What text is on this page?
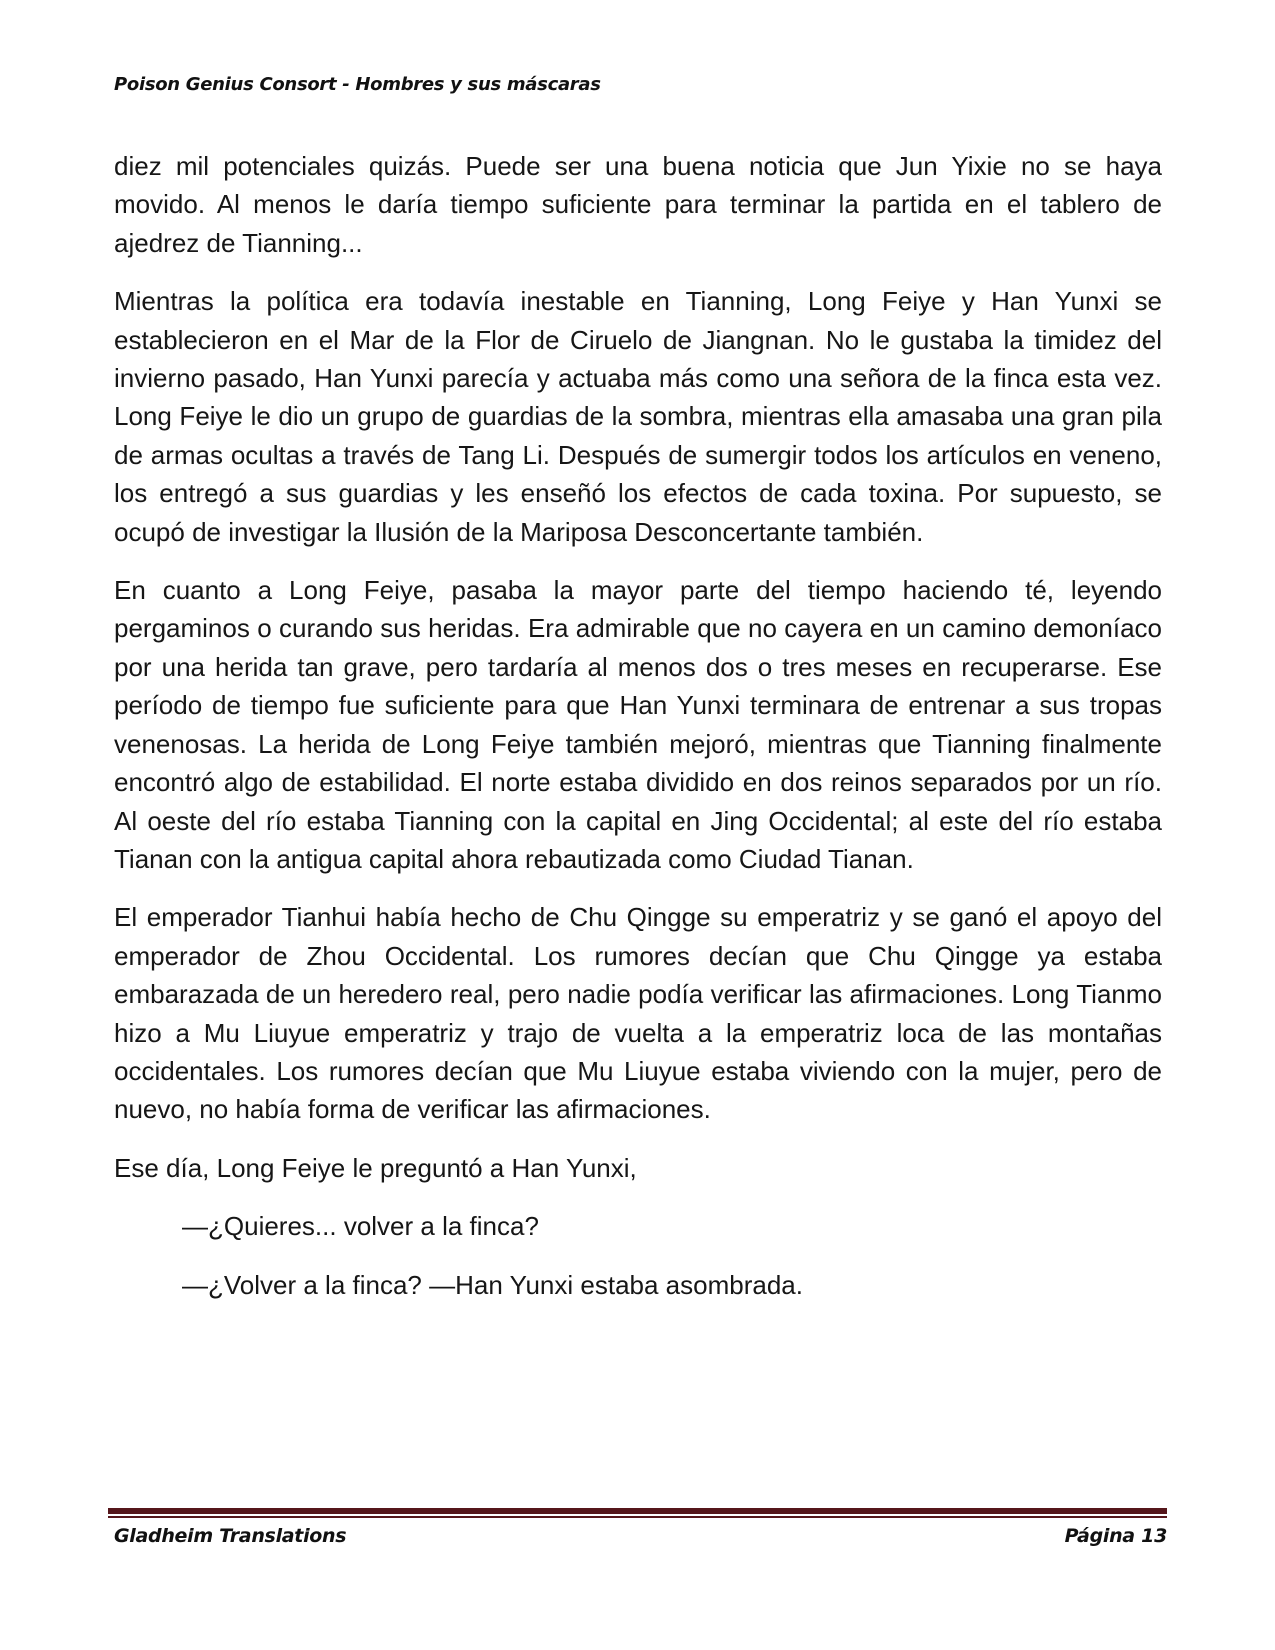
Poison Genius Consort - Hombres y sus máscaras

diez mil potenciales quizás. Puede ser una buena noticia que Jun Yixie no se haya movido. Al menos le daría tiempo suficiente para terminar la partida en el tablero de ajedrez de Tianning...

Mientras la política era todavía inestable en Tianning, Long Feiye y Han Yunxi se establecieron en el Mar de la Flor de Ciruelo de Jiangnan. No le gustaba la timidez del invierno pasado, Han Yunxi parecía y actuaba más como una señora de la finca esta vez. Long Feiye le dio un grupo de guardias de la sombra, mientras ella amasaba una gran pila de armas ocultas a través de Tang Li. Después de sumergir todos los artículos en veneno, los entregó a sus guardias y les enseñó los efectos de cada toxina. Por supuesto, se ocupó de investigar la Ilusión de la Mariposa Desconcertante también.

En cuanto a Long Feiye, pasaba la mayor parte del tiempo haciendo té, leyendo pergaminos o curando sus heridas. Era admirable que no cayera en un camino demoníaco por una herida tan grave, pero tardaría al menos dos o tres meses en recuperarse. Ese período de tiempo fue suficiente para que Han Yunxi terminara de entrenar a sus tropas venenosas. La herida de Long Feiye también mejoró, mientras que Tianning finalmente encontró algo de estabilidad. El norte estaba dividido en dos reinos separados por un río. Al oeste del río estaba Tianning con la capital en Jing Occidental; al este del río estaba Tianan con la antigua capital ahora rebautizada como Ciudad Tianan.

El emperador Tianhui había hecho de Chu Qingge su emperatriz y se ganó el apoyo del emperador de Zhou Occidental. Los rumores decían que Chu Qingge ya estaba embarazada de un heredero real, pero nadie podía verificar las afirmaciones. Long Tianmo hizo a Mu Liuyue emperatriz y trajo de vuelta a la emperatriz loca de las montañas occidentales. Los rumores decían que Mu Liuyue estaba viviendo con la mujer, pero de nuevo, no había forma de verificar las afirmaciones.

Ese día, Long Feiye le preguntó a Han Yunxi,

—¿Quieres... volver a la finca?

—¿Volver a la finca? —Han Yunxi estaba asombrada.

Gladheim Translations	Página 13
